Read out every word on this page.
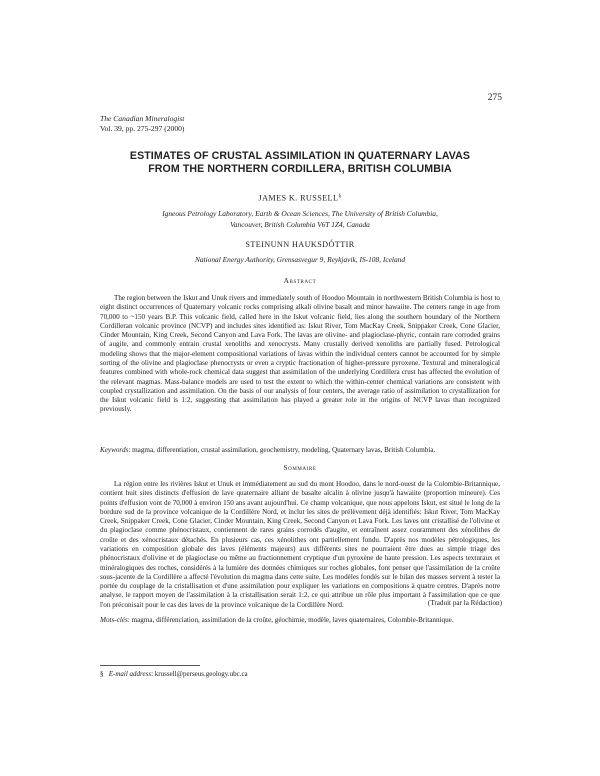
275
The Canadian Mineralogist
Vol. 39, pp. 275-297 (2000)
ESTIMATES OF CRUSTAL ASSIMILATION IN QUATERNARY LAVAS
FROM THE NORTHERN CORDILLERA, BRITISH COLUMBIA
JAMES K. RUSSELL§
Igneous Petrology Laboratory, Earth & Ocean Sciences, The University of British Columbia,
Vancouver, British Columbia V6T 1Z4, Canada
STEINUNN HAUKSDÓTTIR
National Energy Authority, Grensasvegur 9, Reykjavik, IS-108, Iceland
Abstract
The region between the Iskut and Unuk rivers and immediately south of Hoodoo Mountain in northwestern British Columbia is host to eight distinct occurrences of Quaternary volcanic rocks comprising alkali olivine basalt and minor hawaiite. The centers range in age from 70,000 to ~150 years B.P. This volcanic field, called here in the Iskut volcanic field, lies along the southern boundary of the Northern Cordilleran volcanic province (NCVP) and includes sites identified as: Iskut River, Tom MacKay Creek, Snippaker Creek, Cone Glacier, Cinder Mountain, King Creek, Second Canyon and Lava Fork. The lavas are olivine- and plagioclase-phyric, contain rare corroded grains of augite, and commonly entrain crustal xenoliths and xenocrysts. Many crustally derived xenoliths are partially fused. Petrological modeling shows that the major-element compositional variations of lavas within the individual centers cannot be accounted for by simple sorting of the olivine and plagioclase phenocrysts or even a cryptic fractionation of higher-pressure pyroxene. Textural and mineralogical features combined with whole-rock chemical data suggest that assimilation of the underlying Cordillera crust has affected the evolution of the relevant magmas. Mass-balance models are used to test the extent to which the within-center chemical variations are consistent with coupled crystallization and assimilation. On the basis of our analysis of four centers, the average ratio of assimilation to crystallization for the Iskut volcanic field is 1:2, suggesting that assimilation has played a greater role in the origins of NCVP lavas than recognized previously.
Keywords: magma, differentiation, crustal assimilation, geochemistry, modeling, Quaternary lavas, British Columbia.
Sommaire
La région entre les rivières Iskut et Unuk et immédiatement au sud du mont Hoodoo, dans le nord-ouest de la Colombie-Britannique, contient huit sites distincts d'effusion de lave quaternaire alliant de basalte alcalin à olivine jusqu'à hawaiite (proportion mineure). Ces points d'effusion vont de 70,000 à environ 150 ans avant aujourd'hui. Ce champ volcanique, que nous appelons Iskut, est situé le long de la bordure sud de la province volcanique de la Cordillère Nord, et inclut les sites de prélèvement déjà identifiés: Iskut River, Tom MacKay Creek, Snippaker Creek, Cone Glacier, Cinder Mountain, King Creek, Second Canyon et Lava Fork. Les laves ont cristallisé de l'olivine et du plagioclase comme phénocristaux, contiennent de rares grains corrodés d'augite, et entraînent assez couramment des xénolithes de croûte et des xénocristaux détachés. En plusieurs cas, ces xénolithes ont partiellement fondu. D'après nos modèles pétrologiques, les variations en composition globale des laves (éléments majeurs) aux différents sites ne pourraient être dues au simple triage des phénocristaux d'olivine et de plagioclase ou même au fractionnement cryptique d'un pyroxène de haute pression. Les aspects texturaux et minéralogiques des roches, considérés à la lumière des données chimiques sur roches globales, font penser que l'assimilation de la croûte sous-jacente de la Cordillère a affecté l'évolution du magma dans cette suite. Les modèles fondés sur le bilan des masses servent à tester la portée du couplage de la cristallisation et d'une assimilation pour expliquer les variations en compositions à quatre centres. D'après notre analyse, le rapport moyen de l'assimilation à la cristallisation serait 1:2, ce qui attribue un rôle plus important à l'assimilation que ce que l'on préconisait pour le cas des laves de la province volcanique de la Cordillère Nord.	(Traduit par la Rédaction)
Mots-clés: magma, différenciation, assimilation de la croûte, géochimie, modèle, laves quaternaires, Colombie-Britannique.
§ E-mail address: krussell@perseus.geology.ubc.ca
